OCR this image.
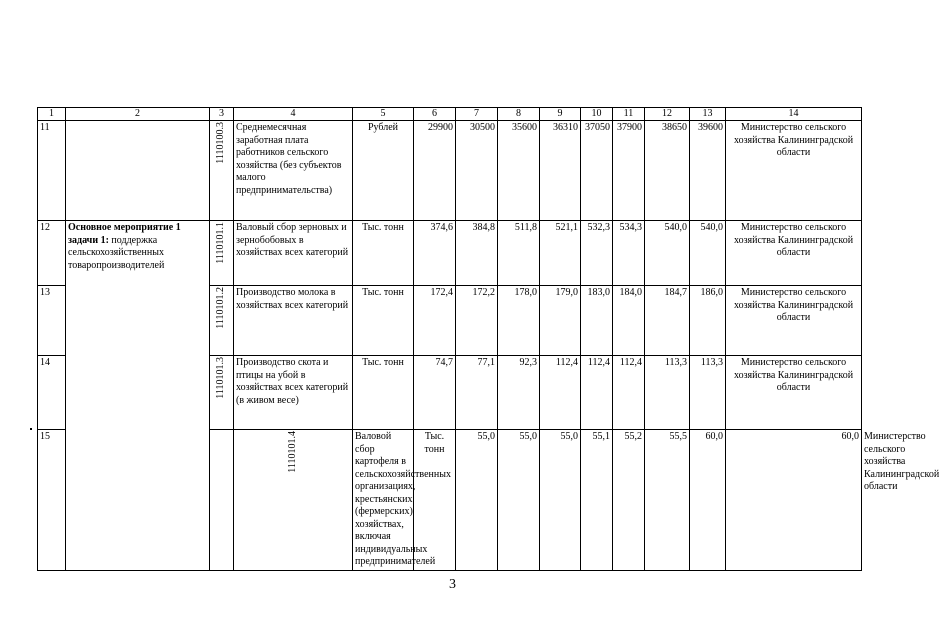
1	2	3	4	5	6	7	8	9	10	11	12	13	14	
11		1110100.3	Среднемесячная заработная плата работников сельского хозяйства (без субъектов малого предпринимательства)	Рублей	29900	30500	35600	36310	37050	37900	38650	39600	Министерство сельского хозяйства Калининградской области	
12	Основное мероприятие 1 задачи 1: поддержка сельскохозяйственных товаропроизводителей	1110101.1	Валовый сбор зерновых и зернобобовых в хозяйствах всех категорий	Тыс. тонн	374,6	384,8	511,8	521,1	532,3	534,3	540,0	540,0	Министерство сельского хозяйства Калининградской области	
13		1110101.2	Производство молока в хозяйствах всех категорий	Тыс. тонн	172,4	172,2	178,0	179,0	183,0	184,0	184,7	186,0	Министерство сельского хозяйства Калининградской области	
14		1110101.3	Производство скота и птицы на убой в хозяйствах всех категорий (в живом весе)	Тыс. тонн	74,7	77,1	92,3	112,4	112,4	112,4	113,3	113,3	Министерство сельского хозяйства Калининградской области	
15			1110101.4	Валовой сбор картофеля в сельскохозяйственных организациях, крестьянских (фермерских) хозяйствах, включая индивидуальных предпринимателей	Тыс. тонн	55,0	55,0	55,0	55,1	55,2	55,5	60,0	60,0	Министерство сельского хозяйства Калининградской области
3
